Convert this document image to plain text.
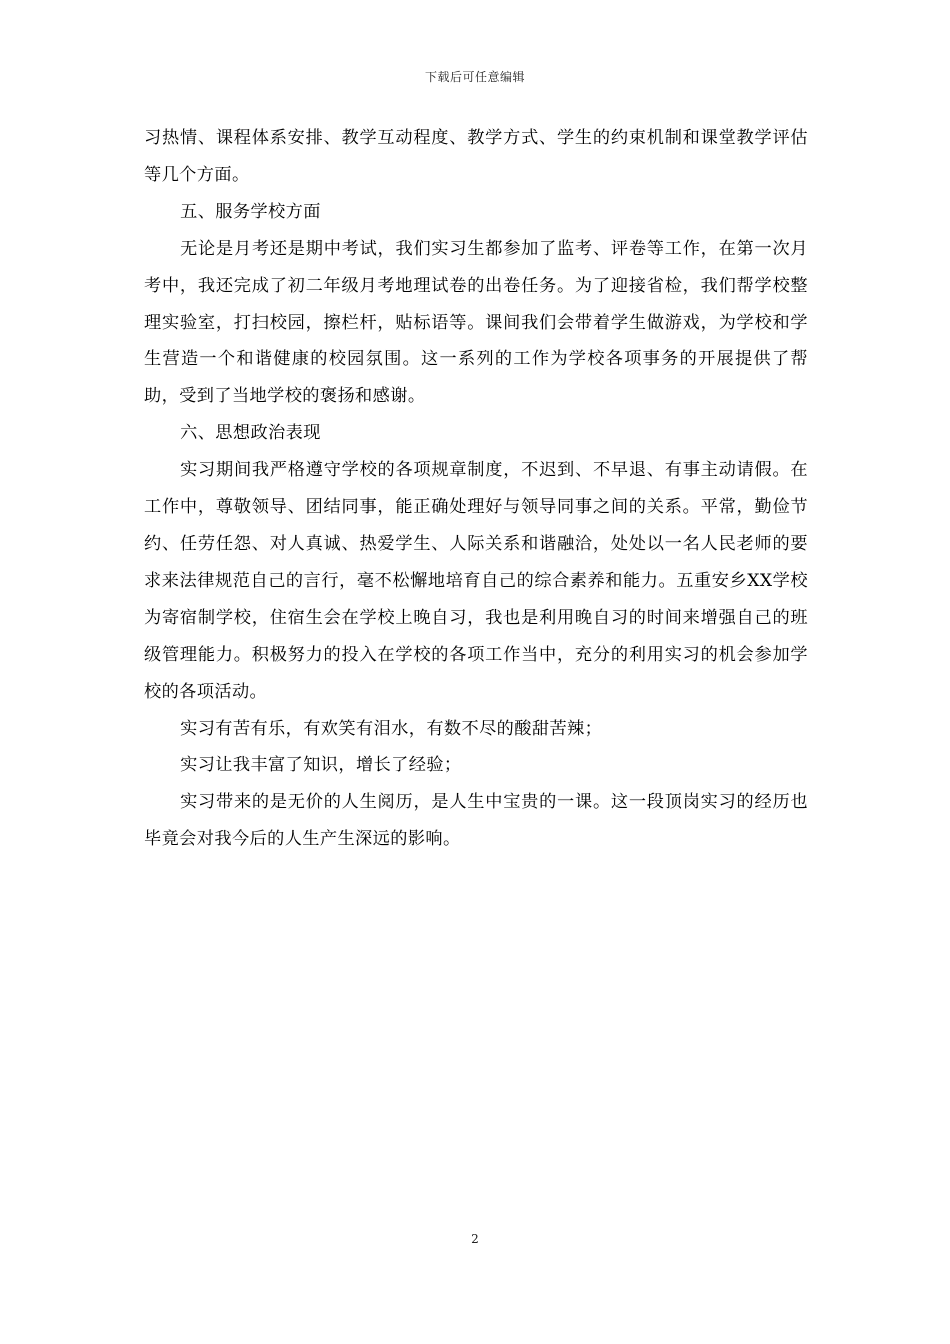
下载后可任意编辑

习热情、课程体系安排、教学互动程度、教学方式、学生的约束机制和课堂教学评估等几个方面。

五、服务学校方面

无论是月考还是期中考试，我们实习生都参加了监考、评卷等工作，在第一次月考中，我还完成了初二年级月考地理试卷的出卷任务。为了迎接省检，我们帮学校整理实验室，打扫校园，擦栏杆，贴标语等。课间我们会带着学生做游戏，为学校和学生营造一个和谐健康的校园氛围。这一系列的工作为学校各项事务的开展提供了帮助，受到了当地学校的褒扬和感谢。

六、思想政治表现

实习期间我严格遵守学校的各项规章制度，不迟到、不早退、有事主动请假。在工作中，尊敬领导、团结同事，能正确处理好与领导同事之间的关系。平常，勤俭节约、任劳任怨、对人真诚、热爱学生、人际关系和谐融洽，处处以一名人民老师的要求来法律规范自己的言行，毫不松懈地培育自己的综合素养和能力。五重安乡XX学校为寄宿制学校，住宿生会在学校上晚自习，我也是利用晚自习的时间来增强自己的班级管理能力。积极努力的投入在学校的各项工作当中，充分的利用实习的机会参加学校的各项活动。

实习有苦有乐，有欢笑有泪水，有数不尽的酸甜苦辣；

实习让我丰富了知识，增长了经验；

实习带来的是无价的人生阅历，是人生中宝贵的一课。这一段顶岗实习的经历也毕竟会对我今后的人生产生深远的影响。

2
